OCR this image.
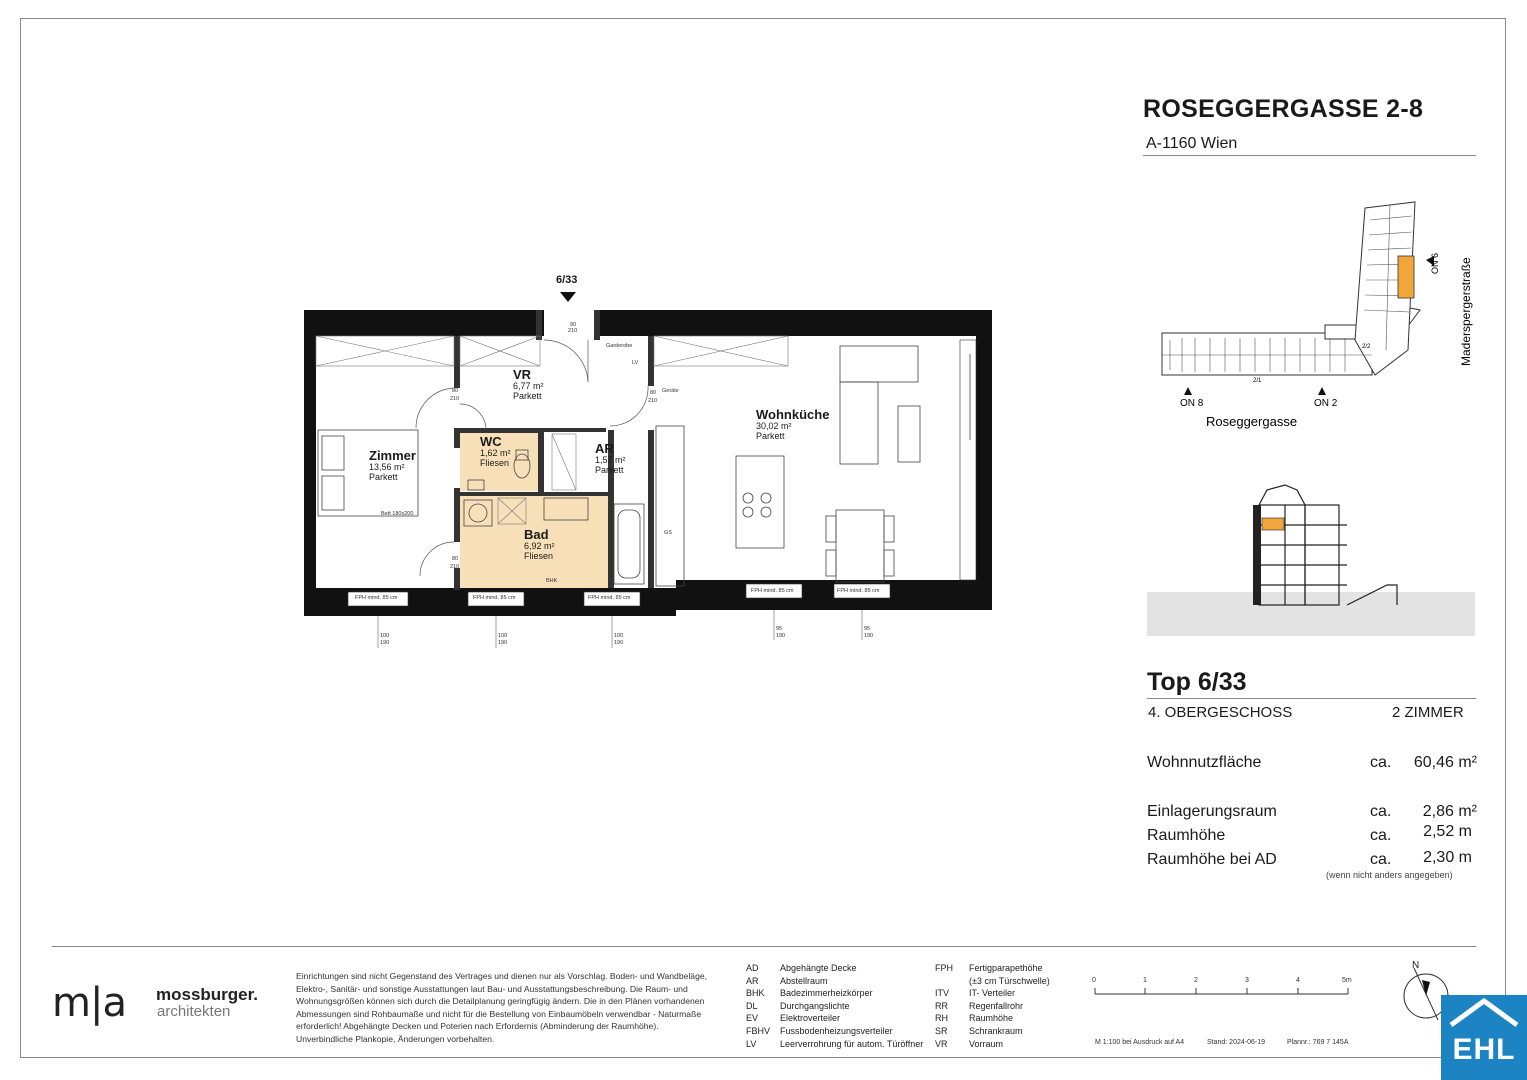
ROSEGGERGASSE 2-8
A-1160 Wien
ON 8	ON 2
ON 6
2/1
2/2
Roseggergasse
Maderspergerstraße
Top 6/33
4. OBERGESCHOSS	2 ZIMMER
Wohnnutzfläche	ca.	60,46 m²
Einlagerungsraum	ca.	2,86 m²
Raumhöhe	ca.	2,52 m
Raumhöhe bei AD	ca.	2,30 m
(wenn nicht anders angegeben)
6/33
VR
6,77 m²
Parkett
WC
1,62 m²
Fliesen
AR
1,57 m²
Parkett
Zimmer
13,56 m²
Parkett
Bad
6,92 m²
Fliesen
Wohnküche
30,02 m²
Parkett
Garderobe
LV
Geräte
Bett 180x200
BHK
GS
80
210
80
210
80
210
90
210
FPH mind. 85 cm	FPH mind. 85 cm	FPH mind. 85 cm
FPH mind. 85 cm	FPH mind. 85 cm
100
190
100
190
100
190
95
190
95
190
m|a mossburger.
architekten
Einrichtungen sind nicht Gegenstand des Vertrages und dienen nur als Vorschlag. Boden- und Wandbeläge, Elektro-, Sanitär- und sonstige Ausstattungen laut Bau- und Ausstattungsbeschreibung. Die Raum- und Wohnungsgrößen können sich durch die Detailplanung geringfügig ändern. Die in den Plänen vorhandenen Abmessungen sind Rohbaumaße und nicht für die Bestellung von Einbaumöbeln verwendbar - Naturmaße erforderlich! Abgehängte Decken und Poterien nach Erfordernis (Abminderung der Raumhöhe). Unverbindliche Plankopie, Änderungen vorbehalten.
AD	Abgehängte Decke
AR	Abstellraum
BHK	Badezimmerheizkörper
DL	Durchgangslichte
EV	Elektroverteiler
FBHV	Fussbodenheizungsverteiler
LV	Leerverrohrung für autom. Türöffner
FPH	Fertigparapethöhe
(±3 cm Türschwelle)
ITV	IT- Verteiler
RR	Regenfallrohr
RH	Raumhöhe
SR	Schrankraum
VR	Vorraum
0	1	2	3	4	5m
M 1:100 bei Ausdruck auf A4	Stand: 2024-06-19	Plannr.: 769 7 145A
N
EHL
